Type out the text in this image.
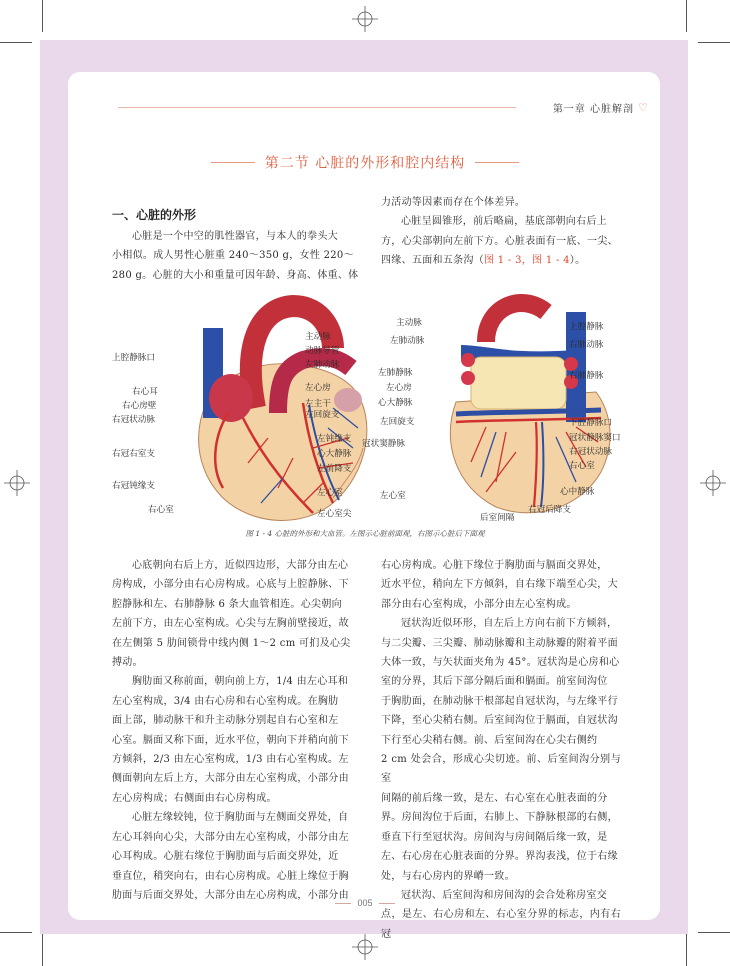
第一章 心脏解剖 ♡
第二节 心脏的外形和腔内结构
一、心脏的外形
心脏是一个中空的肌性器官，与本人的拳头大
小相似。成人男性心脏重 240～350 g，女性 220～
280 g。心脏的大小和重量可因年龄、身高、体重、体
力活动等因素而存在个体差异。
心脏呈圆锥形，前后略扁，基底部朝向右后上
方，心尖部朝向左前下方。心脏表面有一底、一尖、
四缘、五面和五条沟（图 1 - 3，图 1 - 4）。
主动脉
动脉导管
左肺动脉
上腔静脉口
右心耳
右心房壁
右冠状动脉
左心房
左主干
左回旋支
左钝缘支
心大静脉
左前降支
右冠右室支
右冠钝缘支
左心室
右心室	左心室尖
主动脉
左肺动脉
左肺静脉
左心房
心大静脉
左回旋支
冠状窦静脉
左心室
上腔静脉
右肺动脉
右肺静脉
下腔静脉口
冠状静脉窦口
右冠状动脉
右心室
心中静脉
右冠后降支
后室间隔
图 1 - 4 心脏的外形和大血管。左图示心脏前面观，右图示心脏后下面观
心底朝向右后上方，近似四边形，大部分由左心
房构成，小部分由右心房构成。心底与上腔静脉、下
腔静脉和左、右肺静脉 6 条大血管相连。心尖朝向
左前下方，由左心室构成。心尖与左胸前壁接近，故
在左侧第 5 肋间锁骨中线内侧 1～2 cm 可扪及心尖
搏动。
胸肋面又称前面，朝向前上方，1/4 由左心耳和
左心室构成，3/4 由右心房和右心室构成。在胸肋
面上部，肺动脉干和升主动脉分别起自右心室和左
心室。膈面又称下面，近水平位，朝向下并稍向前下
方倾斜，2/3 由左心室构成，1/3 由右心室构成。左
侧面朝向左后上方，大部分由左心室构成，小部分由
左心房构成；右侧面由右心房构成。
心脏左缘较钝，位于胸肋面与左侧面交界处，自
左心耳斜向心尖，大部分由左心室构成，小部分由左
心耳构成。心脏右缘位于胸肋面与后面交界处，近
垂直位，稍突向右，由右心房构成。心脏上缘位于胸
肋面与后面交界处，大部分由左心房构成，小部分由
右心房构成。心脏下缘位于胸肋面与膈面交界处，
近水平位，稍向左下方倾斜，自右缘下端至心尖，大
部分由右心室构成，小部分由左心室构成。
冠状沟近似环形，自左后上方向右前下方倾斜，
与二尖瓣、三尖瓣、肺动脉瓣和主动脉瓣的附着平面
大体一致，与矢状面夹角为 45°。冠状沟是心房和心
室的分界，其后下部分隔后面和膈面。前室间沟位
于胸肋面，在肺动脉干根部起自冠状沟，与左缘平行
下降，至心尖稍右侧。后室间沟位于膈面，自冠状沟
下行至心尖稍右侧。前、后室间沟在心尖右侧约
2 cm 处会合，形成心尖切迹。前、后室间沟分别与室
间隔的前后缘一致，是左、右心室在心脏表面的分
界。房间沟位于后面，右肺上、下静脉根部的右侧，
垂直下行至冠状沟。房间沟与房间隔后缘一致，是
左、右心房在心脏表面的分界。界沟表浅，位于右缘
处，与右心房内的界嵴一致。
冠状沟、后室间沟和房间沟的会合处称房室交
点，是左、右心房和左、右心室分界的标志，内有右冠
005
